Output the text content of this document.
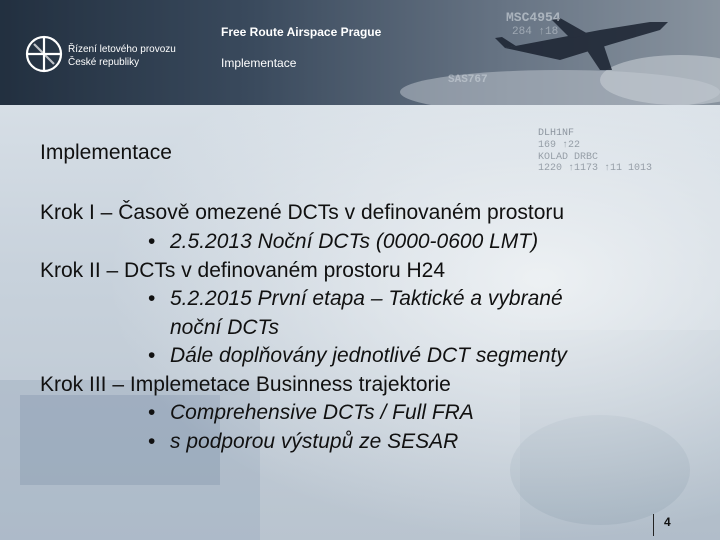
MSC4954
284 ↑18
SAS767
DLH1NF
169 ↑22
KOLAD DRBC
1220 ↑1173 ↑11 1013
Řízení letového provozu
České republiky
Free Route Airspace Prague
Implementace
Implementace
Krok I – Časově omezené DCTs v definovaném prostoru
• 2.5.2013 Noční DCTs (0000-0600 LMT)
Krok II – DCTs v definovaném prostoru H24
• 5.2.2015 První etapa – Taktické a vybrané
noční DCTs
• Dále doplňovány jednotlivé DCT segmenty
Krok III – Implemetace Businness trajektorie
• Comprehensive DCTs / Full FRA
• s podporou výstupů ze SESAR
4
